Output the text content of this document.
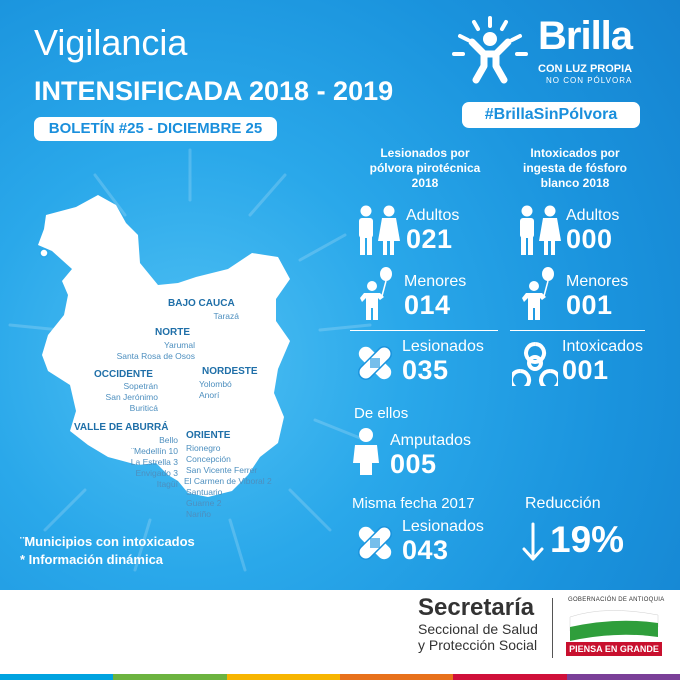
Vigilancia
INTENSIFICADA 2018 - 2019
BOLETÍN #25 - DICIEMBRE 25
Brilla
CON LUZ PROPIA
NO CON PÓLVORA
#BrillaSinPólvora
BAJO CAUCA
Tarazá
NORTE
Yarumal
Santa Rosa de Osos
NORDESTE
Yolombó
Anorí
OCCIDENTE
Sopetrán
San Jerónimo
Buriticá
VALLE DE ABURRÁ
Bello
¨Medellín 10
La Estrella 3
Envigado 3
Itagüí
ORIENTE
Rionegro
Concepción
San Vicente Ferrer
El Carmen de Viboral 2
Santuario
Guarne 2
Nariño
¨Municipios con intoxicados
* Información dinámica
Lesionados por
pólvora pirotécnica
2018
Intoxicados por
ingesta de fósforo
blanco 2018
Adultos
021
Adultos
000
Menores
014
Menores
001
Lesionados
035
Intoxicados
001
De ellos
Amputados
005
Misma fecha 2017
Lesionados
043
Reducción
19%
Secretaría
Seccional de Salud
y Protección Social
GOBERNACIÓN DE ANTIOQUIA
PIENSA EN GRANDE
